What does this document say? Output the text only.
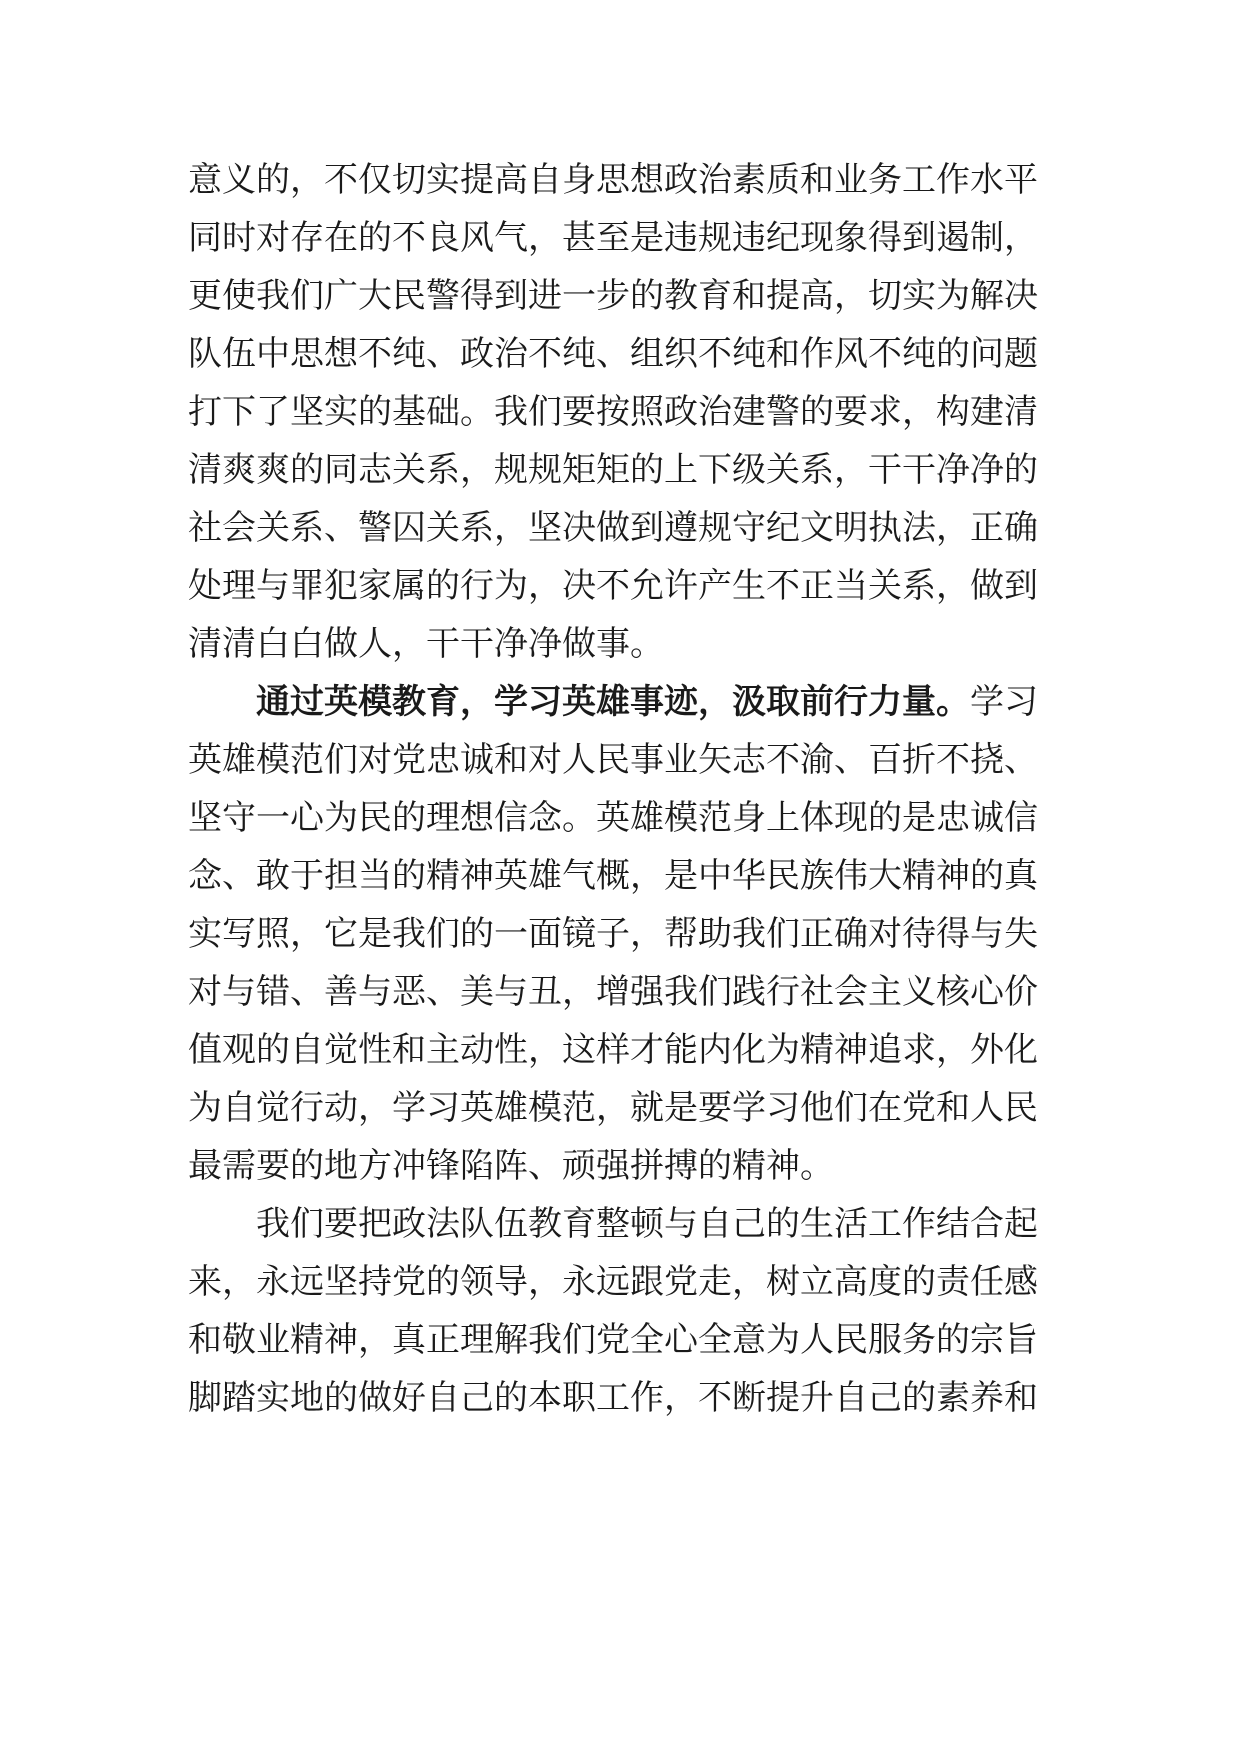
意义的，不仅切实提高自身思想政治素质和业务工作水平
同时对存在的不良风气，甚至是违规违纪现象得到遏制，
更使我们广大民警得到进一步的教育和提高，切实为解决
队伍中思想不纯、政治不纯、组织不纯和作风不纯的问题
打下了坚实的基础。我们要按照政治建警的要求，构建清
清爽爽的同志关系，规规矩矩的上下级关系，干干净净的
社会关系、警囚关系，坚决做到遵规守纪文明执法，正确
处理与罪犯家属的行为，决不允许产生不正当关系，做到
清清白白做人，干干净净做事。
通过英模教育，学习英雄事迹，汲取前行力量。学习
英雄模范们对党忠诚和对人民事业矢志不渝、百折不挠、
坚守一心为民的理想信念。英雄模范身上体现的是忠诚信
念、敢于担当的精神英雄气概，是中华民族伟大精神的真
实写照，它是我们的一面镜子，帮助我们正确对待得与失
对与错、善与恶、美与丑，增强我们践行社会主义核心价
值观的自觉性和主动性，这样才能内化为精神追求，外化
为自觉行动，学习英雄模范，就是要学习他们在党和人民
最需要的地方冲锋陷阵、顽强拼搏的精神。
我们要把政法队伍教育整顿与自己的生活工作结合起
来，永远坚持党的领导，永远跟党走，树立高度的责任感
和敬业精神，真正理解我们党全心全意为人民服务的宗旨
脚踏实地的做好自己的本职工作，不断提升自己的素养和
